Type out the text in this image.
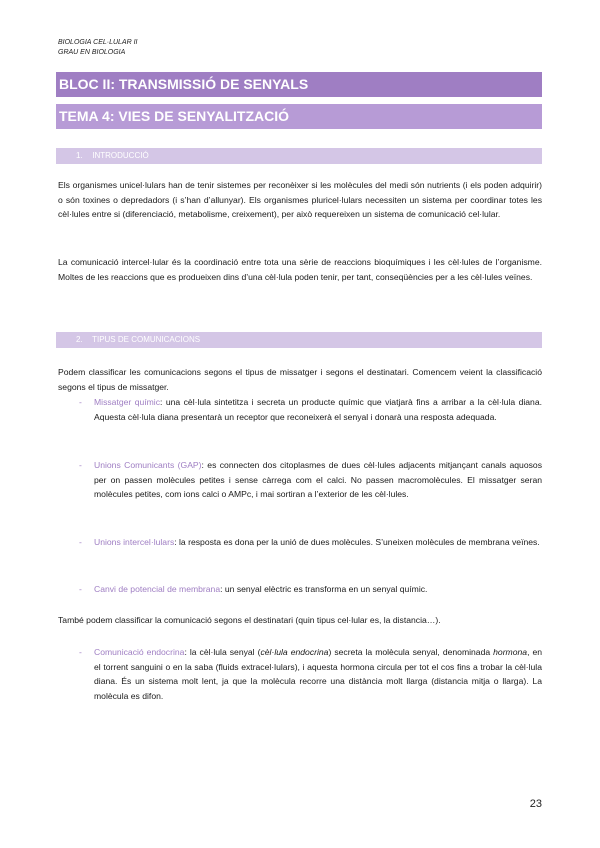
BIOLOGIA CEL·LULAR II
GRAU EN BIOLOGIA
BLOC II: TRANSMISSIÓ DE SENYALS
TEMA 4: VIES DE SENYALITZACIÓ
1. INTRODUCCIÓ
Els organismes unicel·lulars han de tenir sistemes per reconèixer si les molècules del medi són nutrients (i els poden adquirir) o són toxines o depredadors (i s’han d’allunyar). Els organismes pluricel·lulars necessiten un sistema per coordinar totes les cèl·lules entre si (diferenciació, metabolisme, creixement), per això requereixen un sistema de comunicació cel·lular.
La comunicació intercel·lular és la coordinació entre tota una sèrie de reaccions bioquímiques i les cèl·lules de l’organisme. Moltes de les reaccions que es produeixen dins d’una cèl·lula poden tenir, per tant, conseqüències per a les cèl·lules veïnes.
2. TIPUS DE COMUNICACIONS
Podem classificar les comunicacions segons el tipus de missatger i segons el destinatari. Comencem veient la classificació segons el tipus de missatger.
- Missatger químic: una cèl·lula sintetitza i secreta un producte químic que viatjarà fins a arribar a la cèl·lula diana. Aquesta cèl·lula diana presentarà un receptor que reconeixerà el senyal i donarà una resposta adequada.
- Unions Comunicants (GAP): es connecten dos citoplasmes de dues cèl·lules adjacents mitjançant canals aquosos per on passen molècules petites i sense càrrega com el calci. No passen macromolècules. El missatger seran molècules petites, com ions calci o AMPc, i mai sortiran a l’exterior de les cèl·lules.
- Unions intercel·lulars: la resposta es dona per la unió de dues molècules. S’uneixen molècules de membrana veïnes.
- Canvi de potencial de membrana: un senyal elèctric es transforma en un senyal químic.
També podem classificar la comunicació segons el destinatari (quin tipus cel·lular es, la distancia…).
- Comunicació endocrina: la cèl·lula senyal (cèl·lula endocrina) secreta la molècula senyal, denominada hormona, en el torrent sanguini o en la saba (fluids extracel·lulars), i aquesta hormona circula per tot el cos fins a trobar la cèl·lula diana. És un sistema molt lent, ja que la molècula recorre una distància molt llarga (distancia mitja o llarga). La molècula es difon.
23
